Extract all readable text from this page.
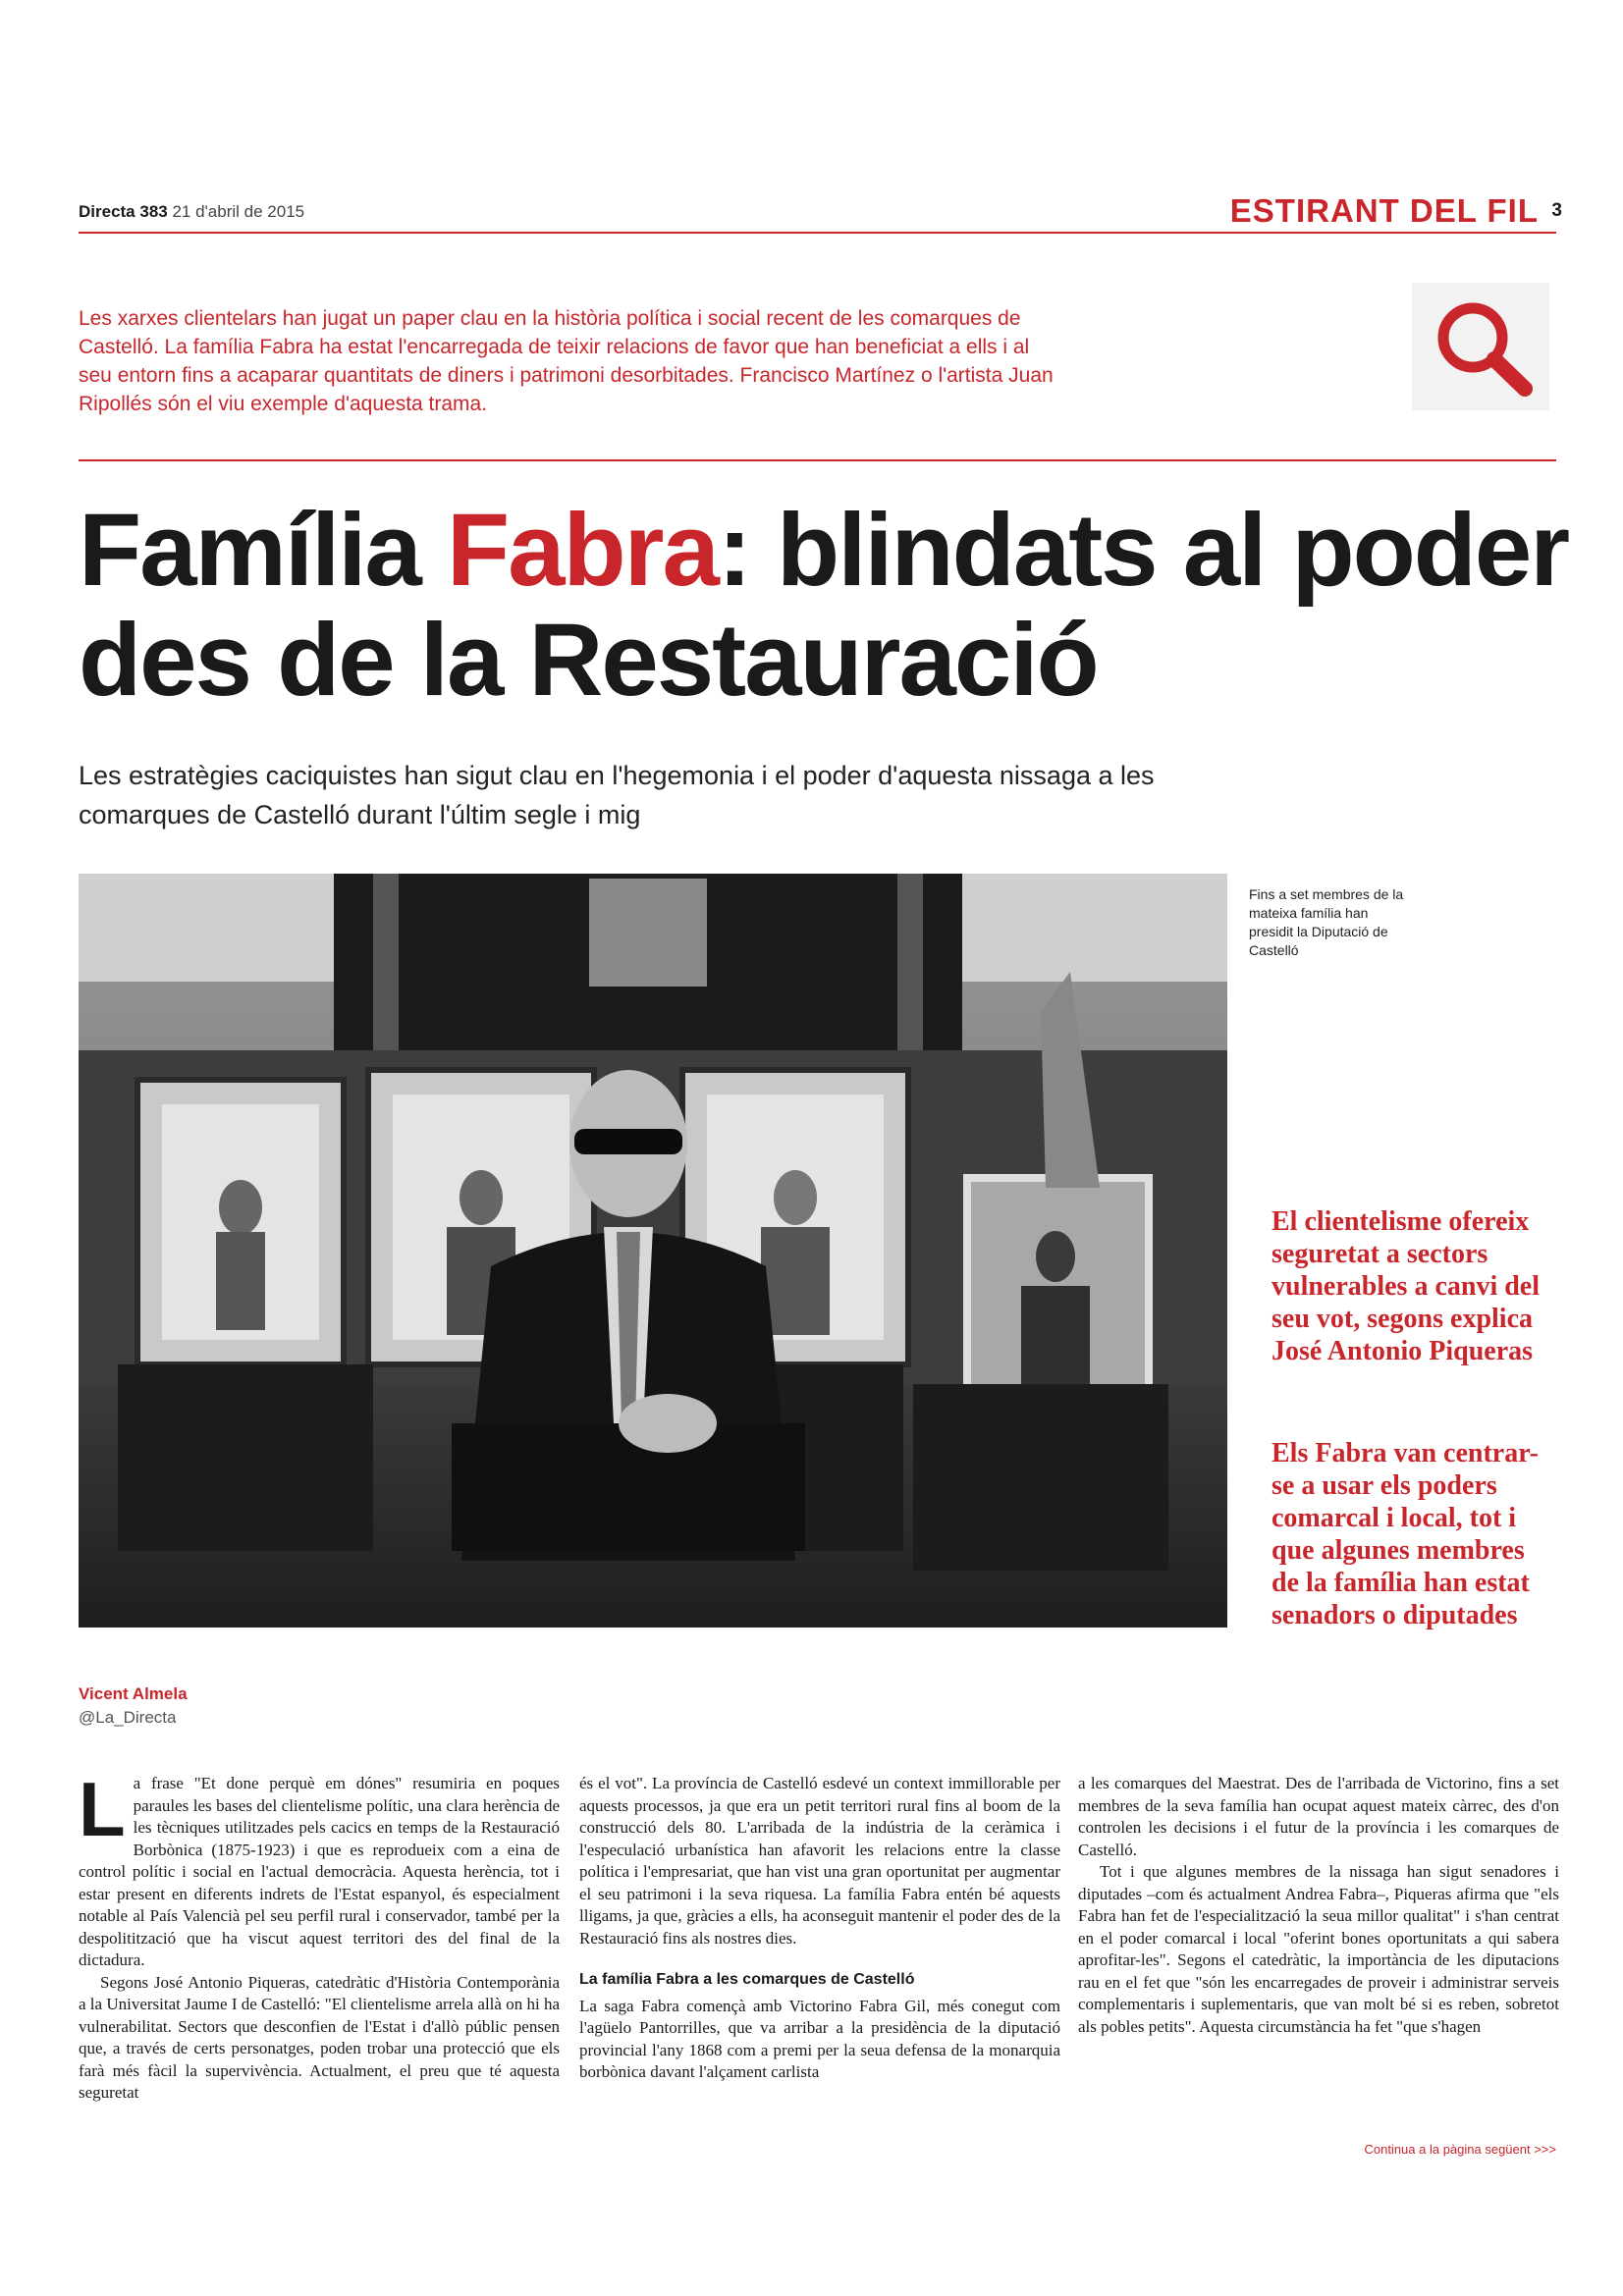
Directa 383 21 d'abril de 2015	ESTIRANT DEL FIL 3
Les xarxes clientelars han jugat un paper clau en la història política i social recent de les comarques de Castelló. La família Fabra ha estat l'encarregada de teixir relacions de favor que han beneficiat a ells i al seu entorn fins a acaparar quantitats de diners i patrimoni desorbitades. Francisco Martínez o l'artista Juan Ripollés són el viu exemple d'aquesta trama.
Família Fabra: blindats al poder des de la Restauració
Les estratègies caciquistes han sigut clau en l'hegemonia i el poder d'aquesta nissaga a les comarques de Castelló durant l'últim segle i mig
Fins a set membres de la mateixa família han presidit la Diputació de Castelló
El clientelisme ofereix seguretat a sectors vulnerables a canvi del seu vot, segons explica José Antonio Piqueras
Els Fabra van centrar-se a usar els poders comarcal i local, tot i que algunes membres de la família han estat senadors o diputades
Vicent Almela
@La_Directa

La frase "Et done perquè em dónes" resumiria en poques paraules les bases del clientelisme polític, una clara herència de les tècniques utilitzades pels cacics en temps de la Restauració Borbònica (1875-1923) i que es reprodueix com a eina de control polític i social en l'actual democràcia. Aquesta herència, tot i estar present en diferents indrets de l'Estat espanyol, és especialment notable al País Valencià pel seu perfil rural i conservador, també per la despolitització que ha viscut aquest territori des del final de la dictadura.

Segons José Antonio Piqueras, catedràtic d'Història Contemporània a la Universitat Jaume I de Castelló: "El clientelisme arrela allà on hi ha vulnerabilitat. Sectors que desconfien de l'Estat i d'allò públic pensen que, a través de certs personatges, poden trobar una protecció que els farà més fàcil la supervivència. Actualment, el preu que té aquesta seguretat

és el vot". La província de Castelló esdevé un context immillorable per aquests processos, ja que era un petit territori rural fins al boom de la construcció dels 80. L'arribada de la indústria de la ceràmica i l'especulació urbanística han afavorit les relacions entre la classe política i l'empresariat, que han vist una gran oportunitat per augmentar el seu patrimoni i la seva riquesa. La família Fabra entén bé aquests lligams, ja que, gràcies a ells, ha aconseguit mantenir el poder des de la Restauració fins als nostres dies.

La família Fabra a les comarques de Castelló

La saga Fabra començà amb Victorino Fabra Gil, més conegut com l'agüelo Pantorrilles, que va arribar a la presidència de la diputació provincial l'any 1868 com a premi per la seua defensa de la monarquia borbònica davant l'alçament carlista

a les comarques del Maestrat. Des de l'arribada de Victorino, fins a set membres de la seva família han ocupat aquest mateix càrrec, des d'on controlen les decisions i el futur de la província i les comarques de Castelló.

Tot i que algunes membres de la nissaga han sigut senadores i diputades –com és actualment Andrea Fabra–, Piqueras afirma que "els Fabra han fet de l'especialització la seua millor qualitat" i s'han centrat en el poder comarcal i local "oferint bones oportunitats a qui sabera aprofitar-les". Segons el catedràtic, la importància de les diputacions rau en el fet que "són les encarregades de proveir i administrar serveis complementaris i suplementaris, que van molt bé si es reben, sobretot als pobles petits". Aquesta circumstància ha fet "que s'hagen

Continua a la pàgina següent >>>
